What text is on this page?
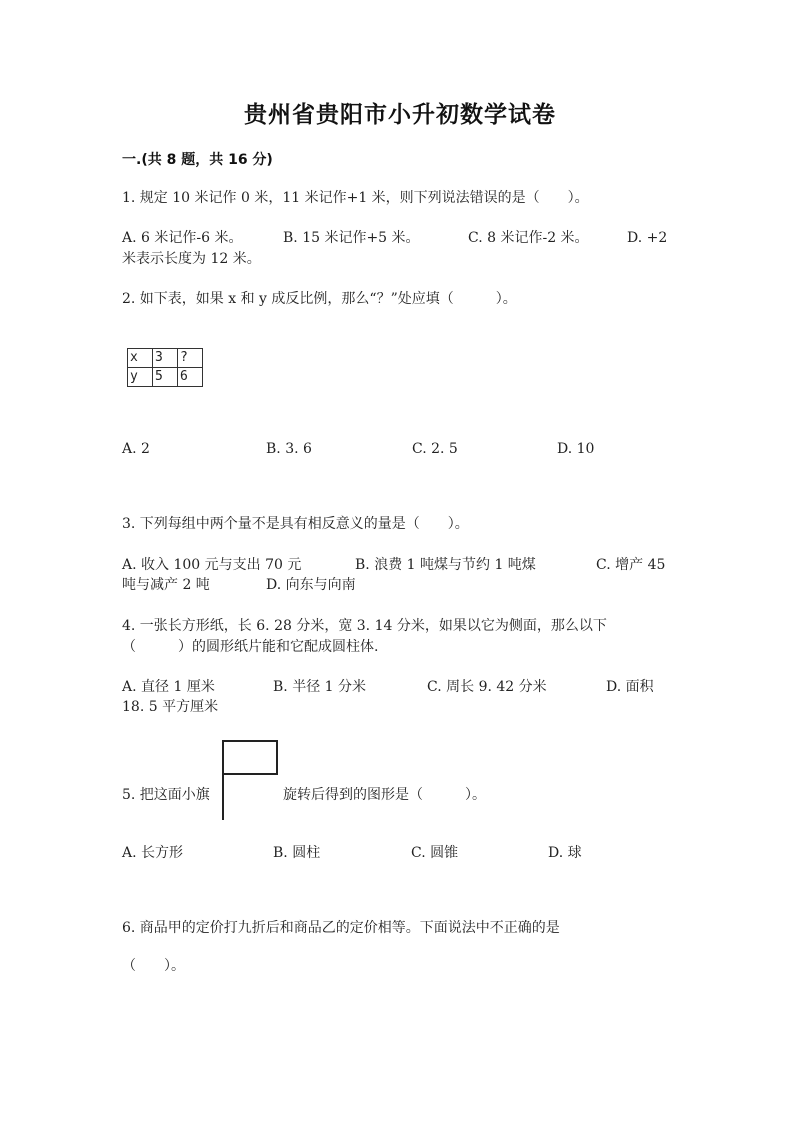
贵州省贵阳市小升初数学试卷
一.(共 8 题，共 16 分)
1. 规定 10 米记作 0 米，11 米记作+1 米，则下列说法错误的是（　　）。
A. 6 米记作-6 米。	B. 15 米记作+5 米。	C. 8 米记作-2 米。	D. +2
米表示长度为 12 米。
2. 如下表，如果 x 和 y 成反比例，那么“？”处应填（　　　）。
x	3	?
y	5	6
A. 2	B. 3. 6	C. 2. 5	D. 10
3. 下列每组中两个量不是具有相反意义的量是（　　）。
A. 收入 100 元与支出 70 元	B. 浪费 1 吨煤与节约 1 吨煤	C. 增产 45
吨与减产 2 吨	D. 向东与向南
4. 一张长方形纸，长 6. 28 分米，宽 3. 14 分米，如果以它为侧面，那么以下
（　　　）的圆形纸片能和它配成圆柱体.
A. 直径 1 厘米	B. 半径 1 分米	C. 周长 9. 42 分米	D. 面积
18. 5 平方厘米
5. 把这面小旗	旋转后得到的图形是（　　　）。
A. 长方形	B. 圆柱	C. 圆锥	D. 球
6. 商品甲的定价打九折后和商品乙的定价相等。下面说法中不正确的是
（　　）。
